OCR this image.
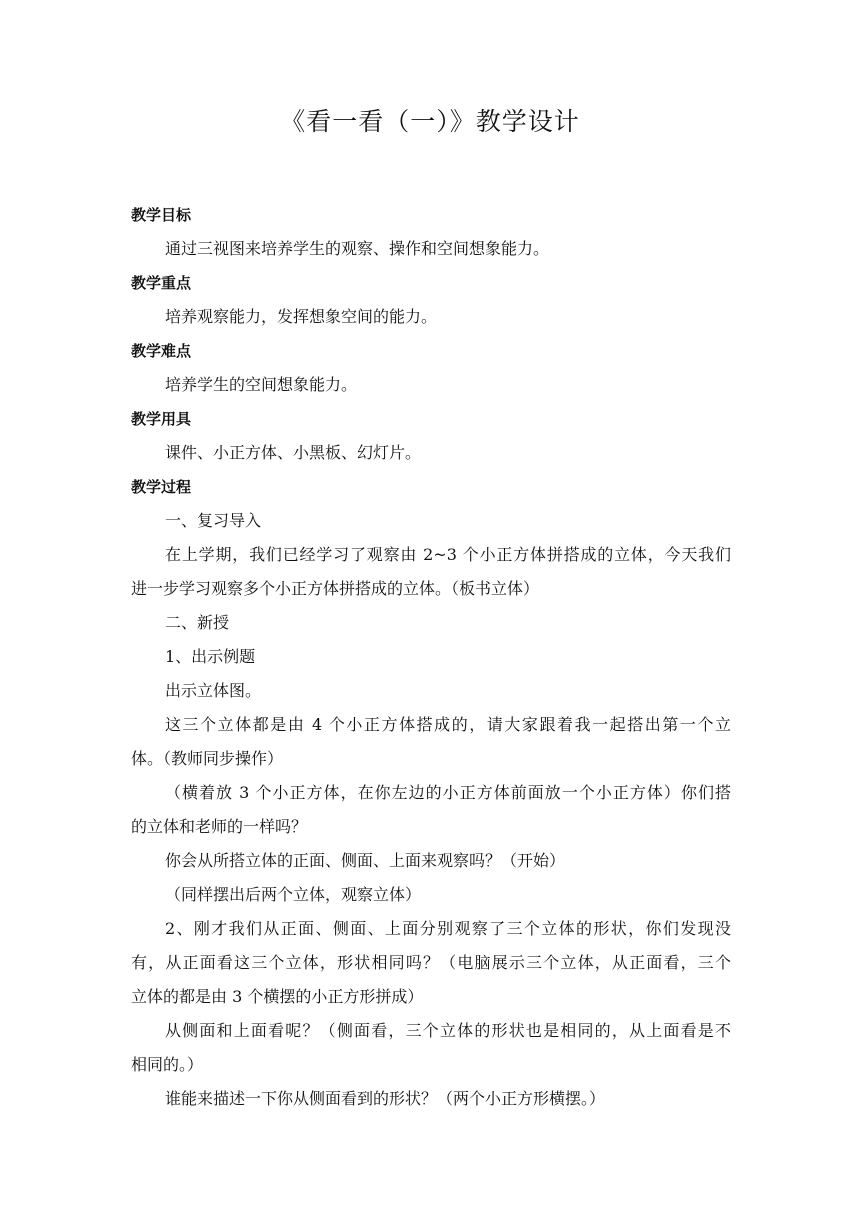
《看一看（一）》教学设计

教学目标

通过三视图来培养学生的观察、操作和空间想象能力。

教学重点

培养观察能力，发挥想象空间的能力。

教学难点

培养学生的空间想象能力。

教学用具

课件、小正方体、小黑板、幻灯片。

教学过程

一、复习导入

在上学期，我们已经学习了观察由 2~3 个小正方体拼搭成的立体，今天我们

进一步学习观察多个小正方体拼搭成的立体。（板书立体）

二、新授

1、出示例题

出示立体图。

这三个立体都是由 4 个小正方体搭成的，请大家跟着我一起搭出第一个立

体。（教师同步操作）

（横着放 3 个小正方体，在你左边的小正方体前面放一个小正方体）你们搭

的立体和老师的一样吗？

你会从所搭立体的正面、侧面、上面来观察吗？（开始）

（同样摆出后两个立体，观察立体）

2、刚才我们从正面、侧面、上面分别观察了三个立体的形状，你们发现没

有，从正面看这三个立体，形状相同吗？（电脑展示三个立体，从正面看，三个

立体的都是由 3 个横摆的小正方形拼成）

从侧面和上面看呢？（侧面看，三个立体的形状也是相同的，从上面看是不

相同的。）

谁能来描述一下你从侧面看到的形状？（两个小正方形横摆。）
